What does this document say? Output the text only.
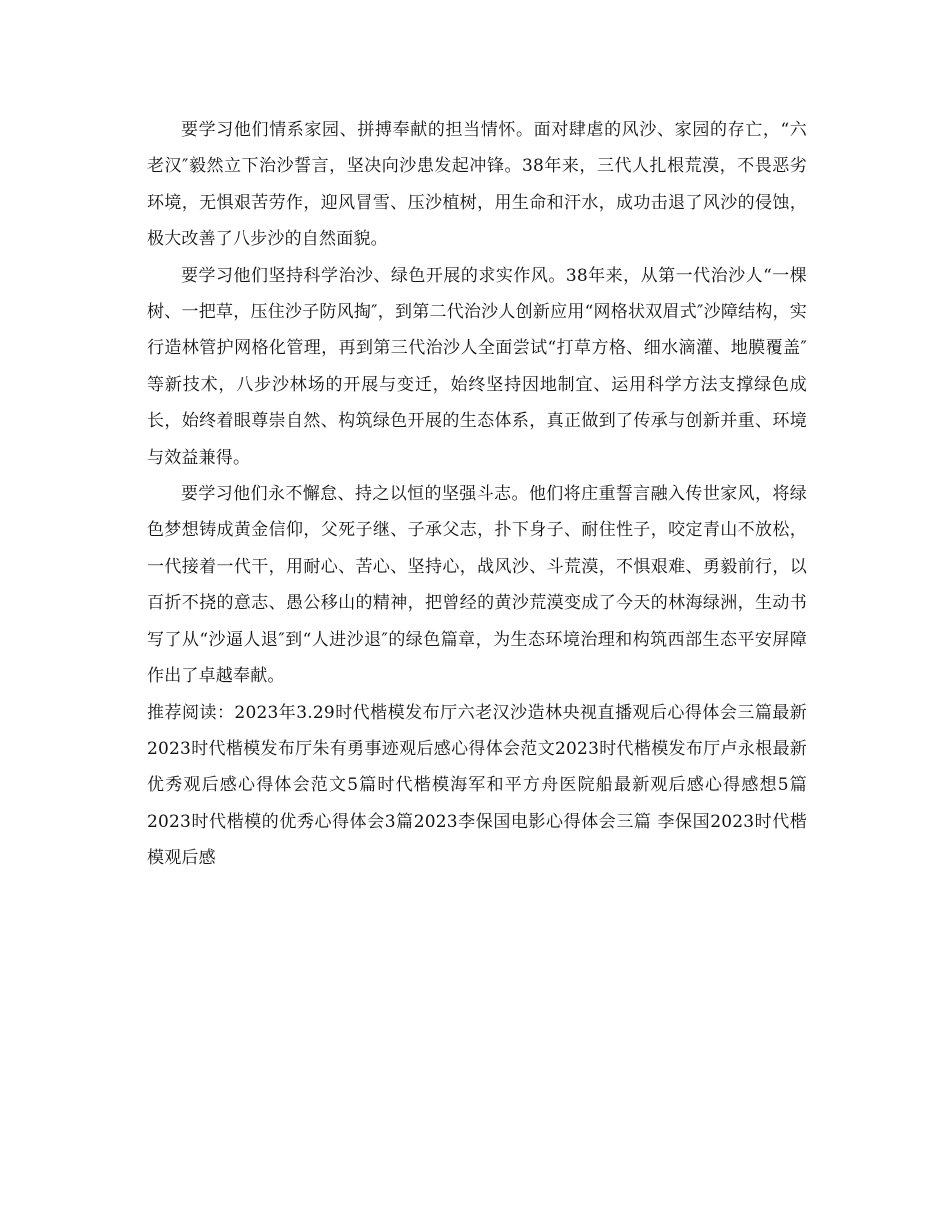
要学习他们情系家园、拼搏奉献的担当情怀。面对肆虐的风沙、家园的存亡，“六老汉″毅然立下治沙誓言，坚决向沙患发起冲锋。38年来，三代人扎根荒漠，不畏恶劣环境，无惧艰苦劳作，迎风冒雪、压沙植树，用生命和汗水，成功击退了风沙的侵蚀，极大改善了八步沙的自然面貌。

要学习他们坚持科学治沙、绿色开展的求实作风。38年来，从第一代治沙人“一棵树、一把草，压住沙子防风掏″，到第二代治沙人创新应用“网格状双眉式″沙障结构，实行造林管护网格化管理，再到第三代治沙人全面尝试“打草方格、细水滴灌、地膜覆盖″等新技术，八步沙林场的开展与变迁，始终坚持因地制宜、运用科学方法支撑绿色成长，始终着眼尊崇自然、构筑绿色开展的生态体系，真正做到了传承与创新并重、环境与效益兼得。

要学习他们永不懈怠、持之以恒的坚强斗志。他们将庄重誓言融入传世家风，将绿色梦想铸成黄金信仰，父死子继、子承父志，扑下身子、耐住性子，咬定青山不放松，一代接着一代干，用耐心、苦心、坚持心，战风沙、斗荒漠，不惧艰难、勇毅前行，以百折不挠的意志、愚公移山的精神，把曾经的黄沙荒漠变成了今天的林海绿洲，生动书写了从“沙逼人退″到“人进沙退″的绿色篇章，为生态环境治理和构筑西部生态平安屏障作出了卓越奉献。

推荐阅读：2023年3.29时代楷模发布厅六老汉沙造林央视直播观后心得体会三篇最新2023时代楷模发布厅朱有勇事迹观后感心得体会范文2023时代楷模发布厅卢永根最新优秀观后感心得体会范文5篇时代楷模海军和平方舟医院船最新观后感心得感想5篇2023时代楷模的优秀心得体会3篇2023李保国电影心得体会三篇 李保国2023时代楷模观后感
